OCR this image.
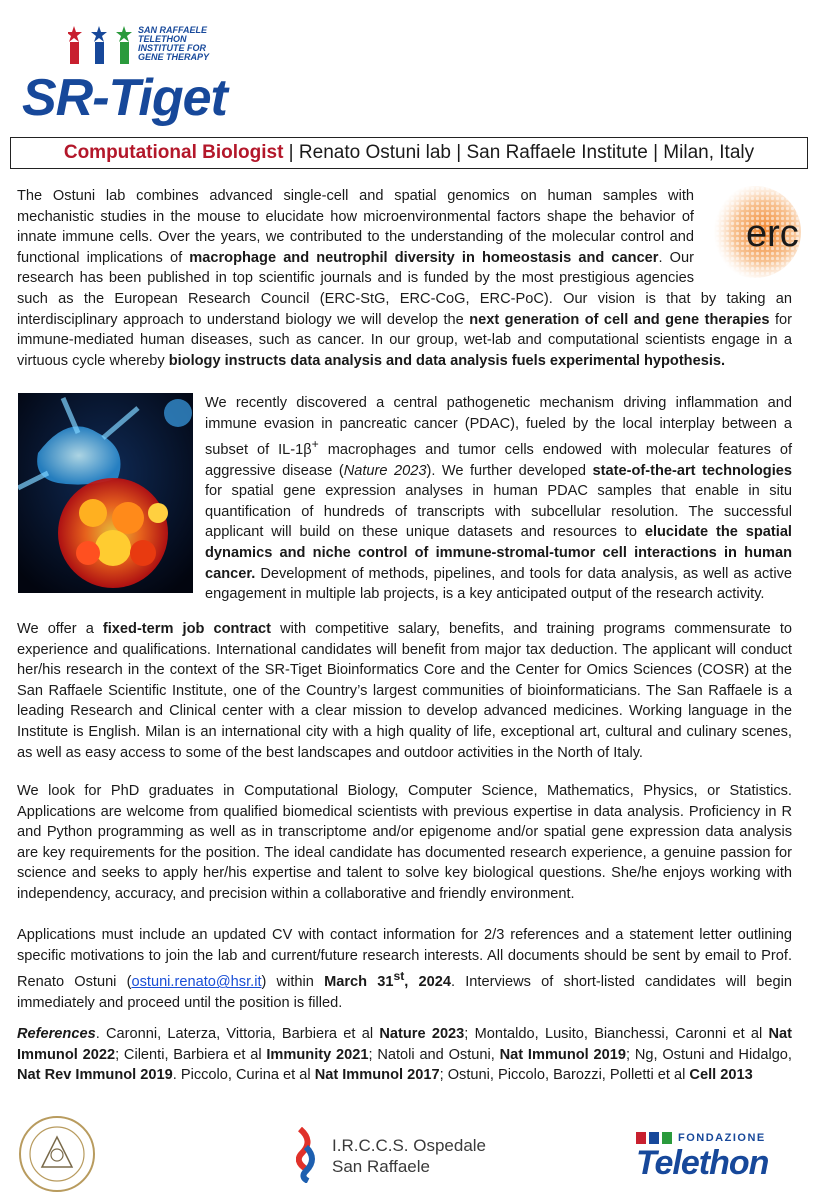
SAN RAFFAELE
TELETHON
INSTITUTE FOR
GENE THERAPY
SR-Tiget
Computational Biologist | Renato Ostuni lab | San Raffaele Institute | Milan, Italy
erc

The Ostuni lab combines advanced single-cell and spatial genomics on human samples with mechanistic studies in the mouse to elucidate how microenvironmental factors shape the behavior of innate immune cells. Over the years, we contributed to the understanding of the molecular control and functional implications of macrophage and neutrophil diversity in homeostasis and cancer. Our research has been published in top scientific journals and is funded by the most prestigious agencies such as the European Research Council (ERC-StG, ERC-CoG, ERC-PoC). Our vision is that by taking an interdisciplinary approach to understand biology we will develop the next generation of cell and gene therapies for immune-mediated human diseases, such as cancer. In our group, wet-lab and computational scientists engage in a virtuous cycle whereby biology instructs data analysis and data analysis fuels experimental hypothesis.

We recently discovered a central pathogenetic mechanism driving inflammation and immune evasion in pancreatic cancer (PDAC), fueled by the local interplay between a subset of IL-1β+ macrophages and tumor cells endowed with molecular features of aggressive disease (Nature 2023). We further developed state-of-the-art technologies for spatial gene expression analyses in human PDAC samples that enable in situ quantification of hundreds of transcripts with subcellular resolution. The successful applicant will build on these unique datasets and resources to elucidate the spatial dynamics and niche control of immune-stromal-tumor cell interactions in human cancer. Development of methods, pipelines, and tools for data analysis, as well as active engagement in multiple lab projects, is a key anticipated output of the research activity.

We offer a fixed-term job contract with competitive salary, benefits, and training programs commensurate to experience and qualifications. International candidates will benefit from major tax deduction. The applicant will conduct her/his research in the context of the SR-Tiget Bioinformatics Core and the Center for Omics Sciences (COSR) at the San Raffaele Scientific Institute, one of the Country’s largest communities of bioinformaticians. The San Raffaele is a leading Research and Clinical center with a clear mission to develop advanced medicines. Working language in the Institute is English. Milan is an international city with a high quality of life, exceptional art, cultural and culinary scenes, as well as easy access to some of the best landscapes and outdoor activities in the North of Italy.

We look for PhD graduates in Computational Biology, Computer Science, Mathematics, Physics, or Statistics. Applications are welcome from qualified biomedical scientists with previous expertise in data analysis. Proficiency in R and Python programming as well as in transcriptome and/or epigenome and/or spatial gene expression data analysis are key requirements for the position. The ideal candidate has documented research experience, a genuine passion for science and seeks to apply her/his expertise and talent to solve key biological questions. She/he enjoys working with independency, accuracy, and precision within a collaborative and friendly environment.

Applications must include an updated CV with contact information for 2/3 references and a statement letter outlining specific motivations to join the lab and current/future research interests. All documents should be sent by email to Prof. Renato Ostuni (ostuni.renato@hsr.it) within March 31st, 2024. Interviews of short-listed candidates will begin immediately and proceed until the position is filled.

References. Caronni, Laterza, Vittoria, Barbiera et al Nature 2023; Montaldo, Lusito, Bianchessi, Caronni et al Nat Immunol 2022; Cilenti, Barbiera et al Immunity 2021; Natoli and Ostuni, Nat Immunol 2019; Ng, Ostuni and Hidalgo, Nat Rev Immunol 2019. Piccolo, Curina et al Nat Immunol 2017; Ostuni, Piccolo, Barozzi, Polletti et al Cell 2013

I.R.C.C.S. Ospedale
San Raffaele
FONDAZIONE
Telethon
